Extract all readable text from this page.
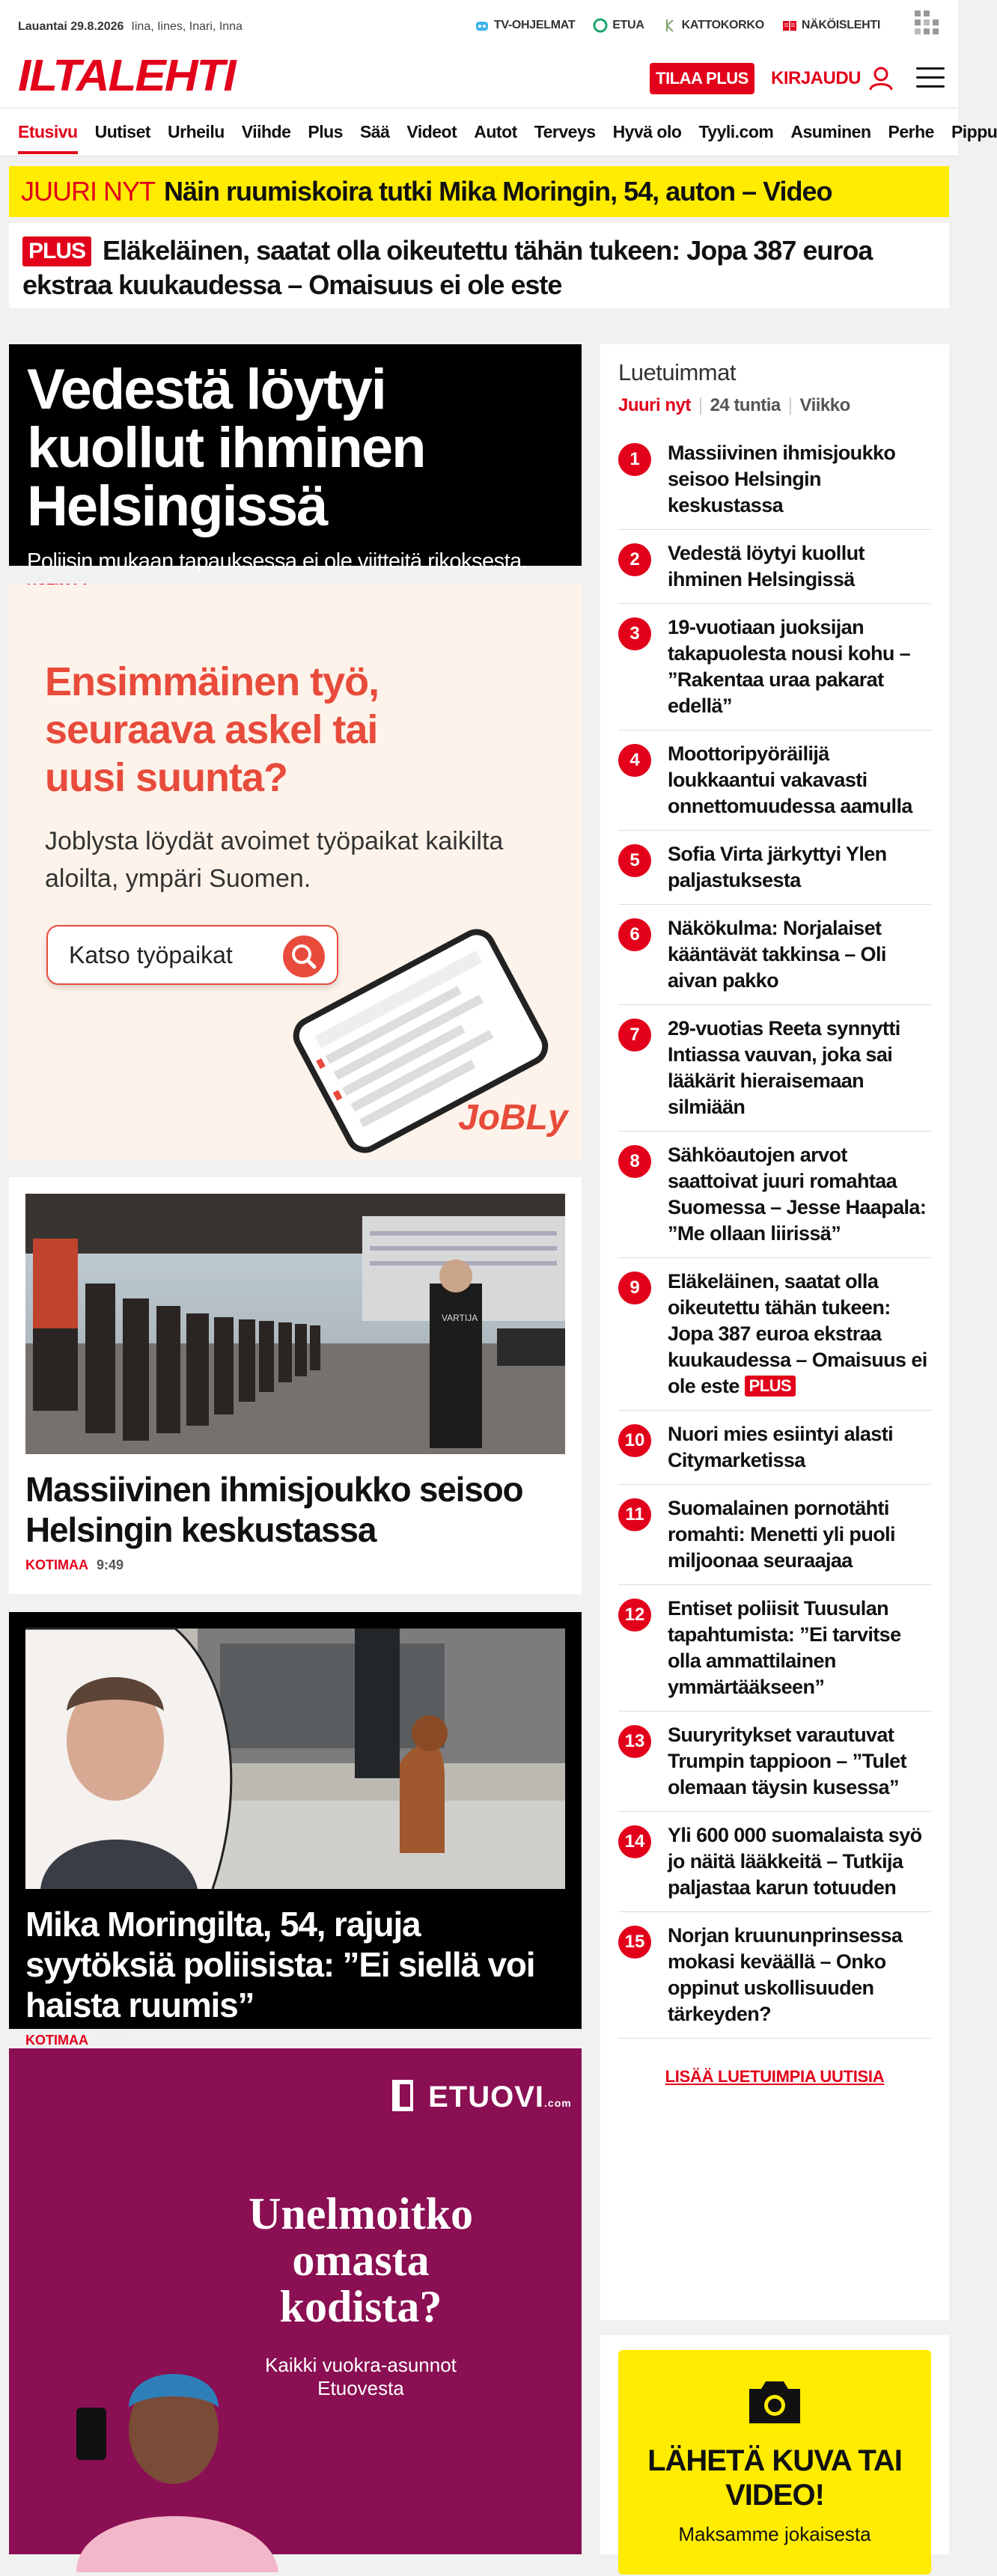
Lauantai 29.8.2026 Iina, Iines, Inari, Inna	TV-OHJELMAT	ETUA	KATTOKORKO	NÄKÖISLEHTI
ILTALEHTI	TILAA PLUS	KIRJAUDU
Etusivu Uutiset Urheilu Viihde Plus Sää Videot Autot Terveys Hyvä olo Tyyli.com Asuminen Perhe Pippu
JUURI NYT Näin ruumiskoira tutki Mika Moringin, 54, auton – Video
PLUS Eläkeläinen, saatat olla oikeutettu tähän tukeen: Jopa 387 euroa ekstraa kuukaudessa – Omaisuus ei ole este
Vedestä löytyi kuollut ihminen Helsingissä
Poliisin mukaan tapauksessa ei ole viitteitä rikoksesta.
Ensimmäinen työ, seuraava askel tai uusi suunta?
Joblysta löydät avoimet työpaikat kaikilta aloilta, ympäri Suomen.
Katso työpaikat
JoBLy
VARTIJA
Massiivinen ihmisjoukko seisoo Helsingin keskustassa
KOTIMAA 9:49
Mika Moringilta, 54, rajuja syytöksiä poliisista: ”Ei siellä voi haista ruumis”
KOTIMAA 10:30
ETUOVI.com
Unelmoitko omasta kodista?
Kaikki vuokra-asunnot Etuovesta
Luetuimmat
Juuri nyt | 24 tuntia | Viikko
1	Massiivinen ihmisjoukko seisoo Helsingin keskustassa
2	Vedestä löytyi kuollut ihminen Helsingissä
3	19-vuotiaan juoksijan takapuolesta nousi kohu – ”Rakentaa uraa pakarat edellä”
4	Moottoripyöräilijä loukkaantui vakavasti onnettomuudessa aamulla
5	Sofia Virta järkyttyi Ylen paljastuksesta
6	Näkökulma: Norjalaiset kääntävät takkinsa – Oli aivan pakko
7	29-vuotias Reeta synnytti Intiassa vauvan, joka sai lääkärit hieraisemaan silmiään
8	Sähköautojen arvot saattoivat juuri romahtaa Suomessa – Jesse Haapala: ”Me ollaan liirissä”
9	Eläkeläinen, saatat olla oikeutettu tähän tukeen: Jopa 387 euroa ekstraa kuukaudessa – Omaisuus ei ole este PLUS
10	Nuori mies esiintyi alasti Citymarketissa
11	Suomalainen pornotähti romahti: Menetti yli puoli miljoonaa seuraajaa
12	Entiset poliisit Tuusulan tapahtumista: ”Ei tarvitse olla ammattilainen ymmärtääkseen”
13	Suuryritykset varautuvat Trumpin tappioon – ”Tulet olemaan täysin kusessa”
14	Yli 600 000 suomalaista syö jo näitä lääkkeitä – Tutkija paljastaa karun totuuden
15	Norjan kruununprinsessa mokasi keväällä – Onko oppinut uskollisuuden tärkeyden?
LISÄÄ LUETUIMPIA UUTISIA
LÄHETÄ KUVA TAI VIDEO!

Maksamme jokaisesta
